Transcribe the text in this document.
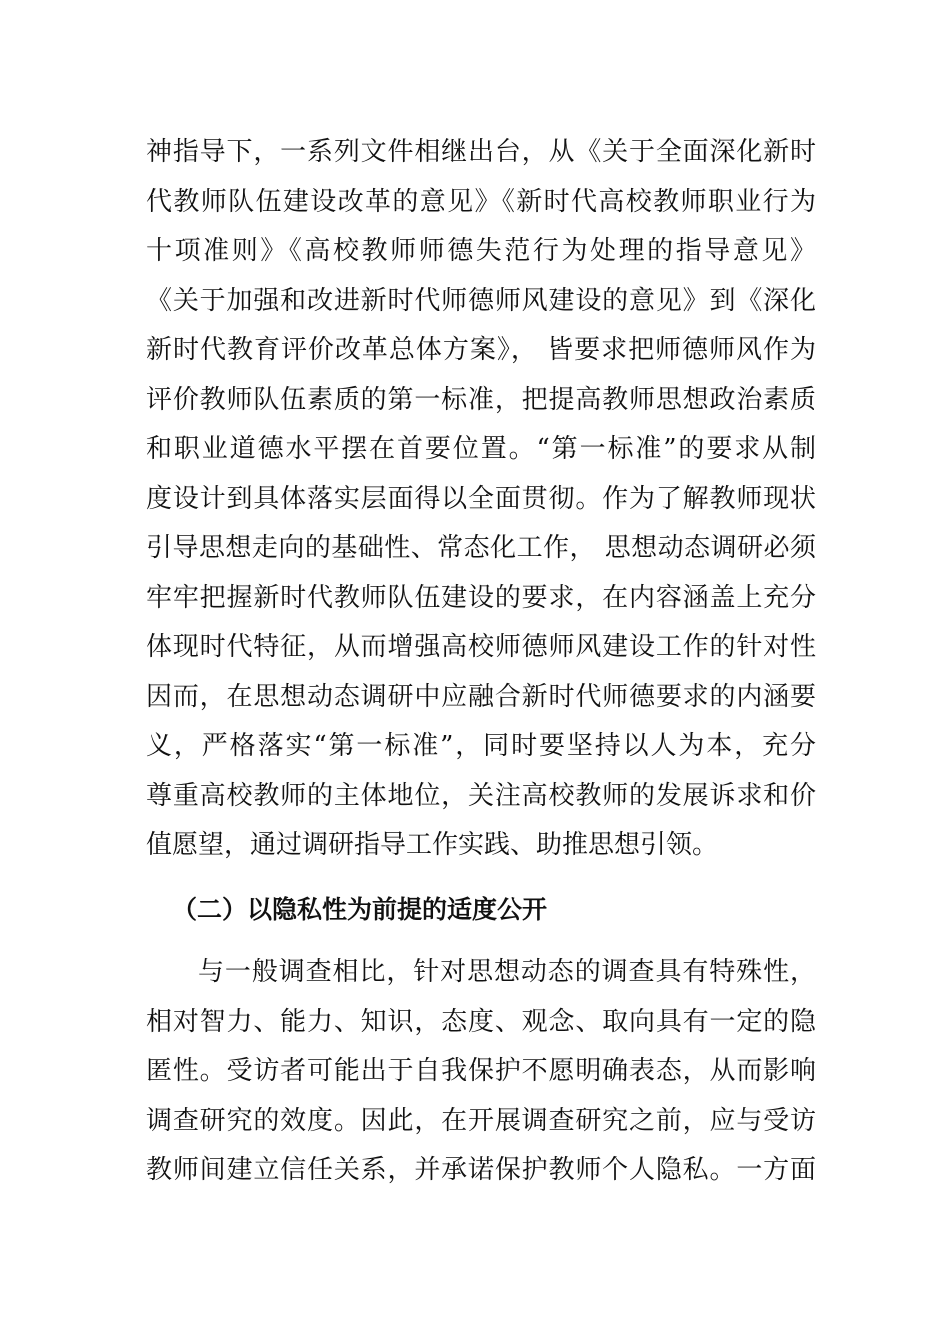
神指导下，一系列文件相继出台，从《关于全面深化新时
代教师队伍建设改革的意见》《新时代高校教师职业行为
十项准则》《高校教师师德失范行为处理的指导意见》
《关于加强和改进新时代师德师风建设的意见》到《深化
新时代教育评价改革总体方案》， 皆要求把师德师风作为
评价教师队伍素质的第一标准，把提高教师思想政治素质
和职业道德水平摆在首要位置。“第一标准”的要求从制
度设计到具体落实层面得以全面贯彻。作为了解教师现状
引导思想走向的基础性、常态化工作， 思想动态调研必须
牢牢把握新时代教师队伍建设的要求，在内容涵盖上充分
体现时代特征，从而增强高校师德师风建设工作的针对性
因而，在思想动态调研中应融合新时代师德要求的内涵要
义，严格落实“第一标准”，同时要坚持以人为本，充分
尊重高校教师的主体地位，关注高校教师的发展诉求和价
值愿望，通过调研指导工作实践、助推思想引领。
（二）以隐私性为前提的适度公开
与一般调查相比，针对思想动态的调查具有特殊性，
相对智力、能力、知识，态度、观念、取向具有一定的隐
匿性。受访者可能出于自我保护不愿明确表态，从而影响
调查研究的效度。因此，在开展调查研究之前，应与受访
教师间建立信任关系，并承诺保护教师个人隐私。一方面
